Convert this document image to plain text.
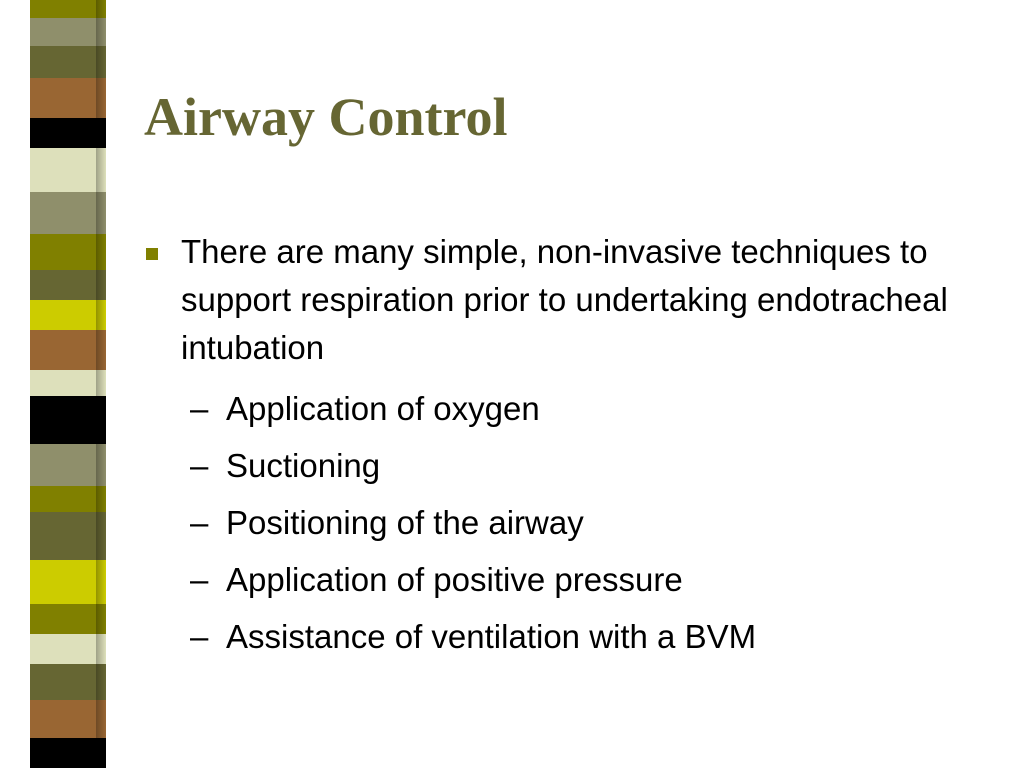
Airway Control
There are many simple, non-invasive techniques to support respiration prior to undertaking endotracheal intubation
– Application of oxygen
– Suctioning
– Positioning of the airway
– Application of positive pressure
– Assistance of ventilation with a BVM
